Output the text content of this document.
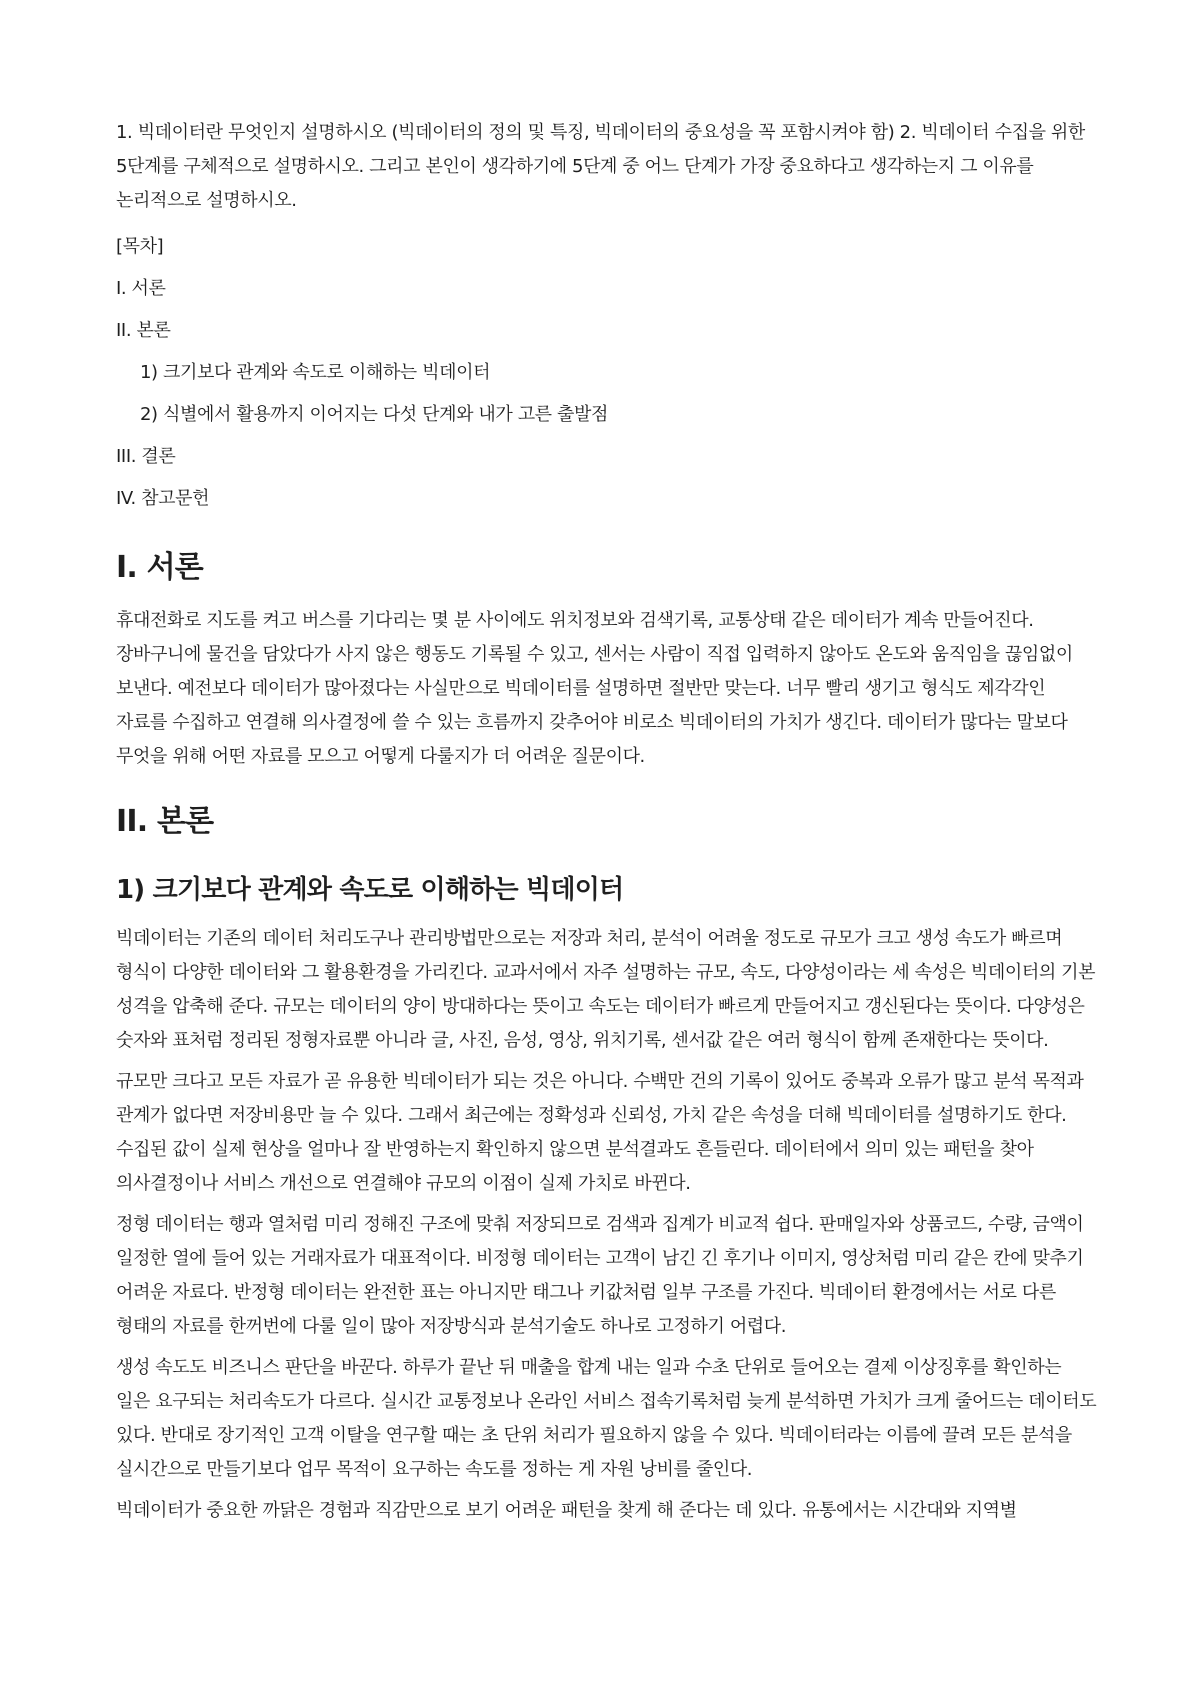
1. 빅데이터란 무엇인지 설명하시오 (빅데이터의 정의 및 특징, 빅데이터의 중요성을 꼭 포함시켜야 함) 2. 빅데이터 수집을 위한 5단계를 구체적으로 설명하시오. 그리고 본인이 생각하기에 5단계 중 어느 단계가 가장 중요하다고 생각하는지 그 이유를 논리적으로 설명하시오.

[목차]

I. 서론

II. 본론

1) 크기보다 관계와 속도로 이해하는 빅데이터

2) 식별에서 활용까지 이어지는 다섯 단계와 내가 고른 출발점

III. 결론

IV. 참고문헌

I. 서론

휴대전화로 지도를 켜고 버스를 기다리는 몇 분 사이에도 위치정보와 검색기록, 교통상태 같은 데이터가 계속 만들어진다. 장바구니에 물건을 담았다가 사지 않은 행동도 기록될 수 있고, 센서는 사람이 직접 입력하지 않아도 온도와 움직임을 끊임없이 보낸다. 예전보다 데이터가 많아졌다는 사실만으로 빅데이터를 설명하면 절반만 맞는다. 너무 빨리 생기고 형식도 제각각인 자료를 수집하고 연결해 의사결정에 쓸 수 있는 흐름까지 갖추어야 비로소 빅데이터의 가치가 생긴다. 데이터가 많다는 말보다 무엇을 위해 어떤 자료를 모으고 어떻게 다룰지가 더 어려운 질문이다.

II. 본론
1) 크기보다 관계와 속도로 이해하는 빅데이터

빅데이터는 기존의 데이터 처리도구나 관리방법만으로는 저장과 처리, 분석이 어려울 정도로 규모가 크고 생성 속도가 빠르며 형식이 다양한 데이터와 그 활용환경을 가리킨다. 교과서에서 자주 설명하는 규모, 속도, 다양성이라는 세 속성은 빅데이터의 기본 성격을 압축해 준다. 규모는 데이터의 양이 방대하다는 뜻이고 속도는 데이터가 빠르게 만들어지고 갱신된다는 뜻이다. 다양성은 숫자와 표처럼 정리된 정형자료뿐 아니라 글, 사진, 음성, 영상, 위치기록, 센서값 같은 여러 형식이 함께 존재한다는 뜻이다.

규모만 크다고 모든 자료가 곧 유용한 빅데이터가 되는 것은 아니다. 수백만 건의 기록이 있어도 중복과 오류가 많고 분석 목적과 관계가 없다면 저장비용만 늘 수 있다. 그래서 최근에는 정확성과 신뢰성, 가치 같은 속성을 더해 빅데이터를 설명하기도 한다. 수집된 값이 실제 현상을 얼마나 잘 반영하는지 확인하지 않으면 분석결과도 흔들린다. 데이터에서 의미 있는 패턴을 찾아 의사결정이나 서비스 개선으로 연결해야 규모의 이점이 실제 가치로 바뀐다.

정형 데이터는 행과 열처럼 미리 정해진 구조에 맞춰 저장되므로 검색과 집계가 비교적 쉽다. 판매일자와 상품코드, 수량, 금액이 일정한 열에 들어 있는 거래자료가 대표적이다. 비정형 데이터는 고객이 남긴 긴 후기나 이미지, 영상처럼 미리 같은 칸에 맞추기 어려운 자료다. 반정형 데이터는 완전한 표는 아니지만 태그나 키값처럼 일부 구조를 가진다. 빅데이터 환경에서는 서로 다른 형태의 자료를 한꺼번에 다룰 일이 많아 저장방식과 분석기술도 하나로 고정하기 어렵다.

생성 속도도 비즈니스 판단을 바꾼다. 하루가 끝난 뒤 매출을 합계 내는 일과 수초 단위로 들어오는 결제 이상징후를 확인하는 일은 요구되는 처리속도가 다르다. 실시간 교통정보나 온라인 서비스 접속기록처럼 늦게 분석하면 가치가 크게 줄어드는 데이터도 있다. 반대로 장기적인 고객 이탈을 연구할 때는 초 단위 처리가 필요하지 않을 수 있다. 빅데이터라는 이름에 끌려 모든 분석을 실시간으로 만들기보다 업무 목적이 요구하는 속도를 정하는 게 자원 낭비를 줄인다.

빅데이터가 중요한 까닭은 경험과 직감만으로 보기 어려운 패턴을 찾게 해 준다는 데 있다. 유통에서는 시간대와 지역별
